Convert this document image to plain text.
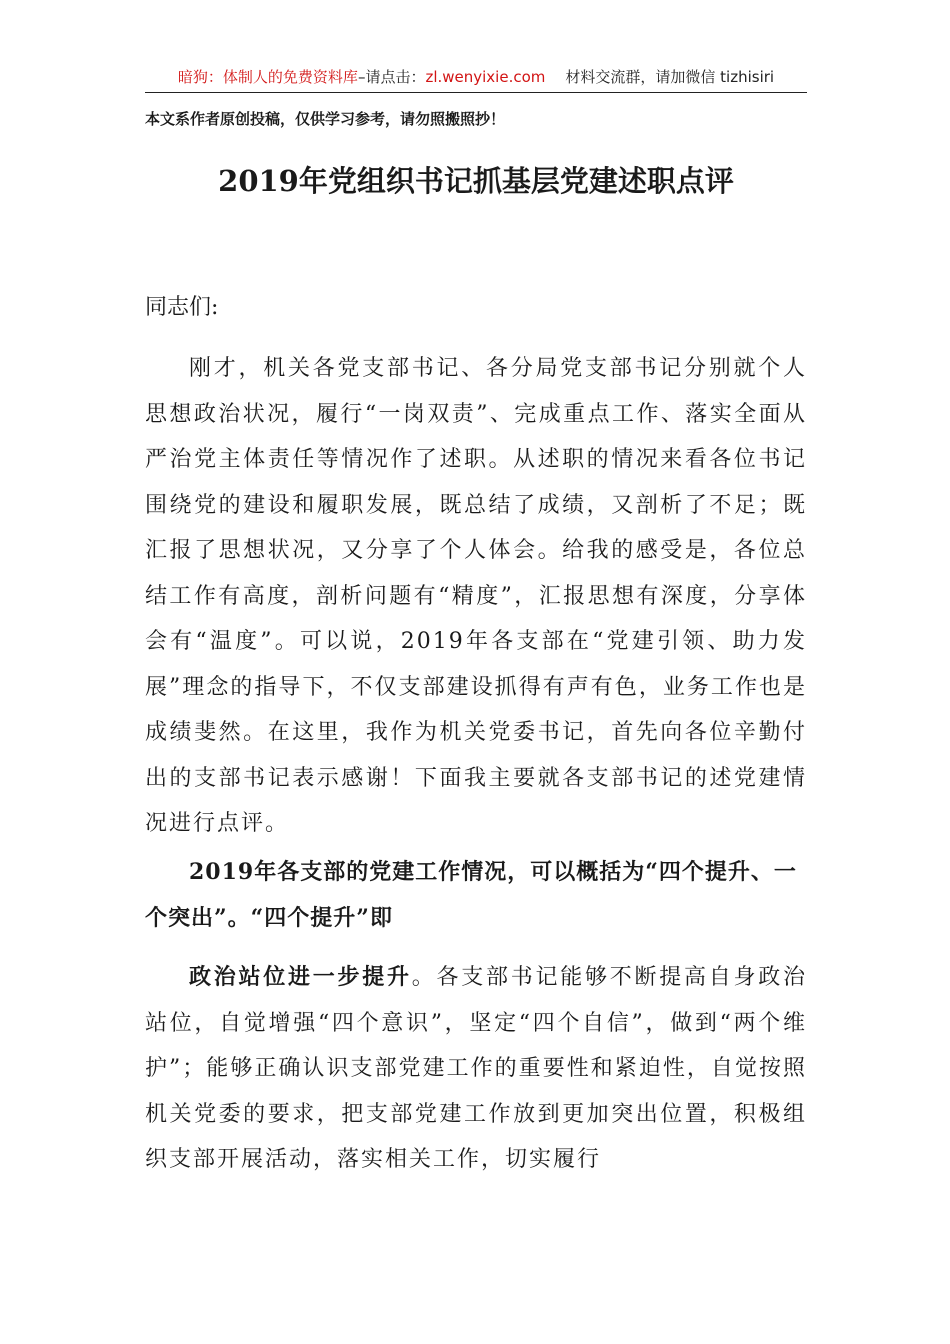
暗狗：体制人的免费资料库–请点击：zl.wenyixie.com 材料交流群，请加微信 tizhisiri
本文系作者原创投稿，仅供学习参考，请勿照搬照抄！
2019年党组织书记抓基层党建述职点评
同志们:
刚才，机关各党支部书记、各分局党支部书记分别就个人思想政治状况，履行“一岗双责”、完成重点工作、落实全面从严治党主体责任等情况作了述职。从述职的情况来看各位书记围绕党的建设和履职发展，既总结了成绩，又剖析了不足；既汇报了思想状况，又分享了个人体会。给我的感受是，各位总结工作有高度，剖析问题有“精度”，汇报思想有深度，分享体会有“温度”。可以说，2019年各支部在“党建引领、助力发展”理念的指导下，不仅支部建设抓得有声有色，业务工作也是成绩斐然。在这里，我作为机关党委书记，首先向各位辛勤付出的支部书记表示感谢！下面我主要就各支部书记的述党建情况进行点评。
2019年各支部的党建工作情况，可以概括为“四个提升、一个突出”。“四个提升”即
政治站位进一步提升。各支部书记能够不断提高自身政治站位，自觉增强“四个意识”，坚定“四个自信”，做到“两个维护”；能够正确认识支部党建工作的重要性和紧迫性，自觉按照机关党委的要求，把支部党建工作放到更加突出位置，积极组织支部开展活动，落实相关工作，切实履行
